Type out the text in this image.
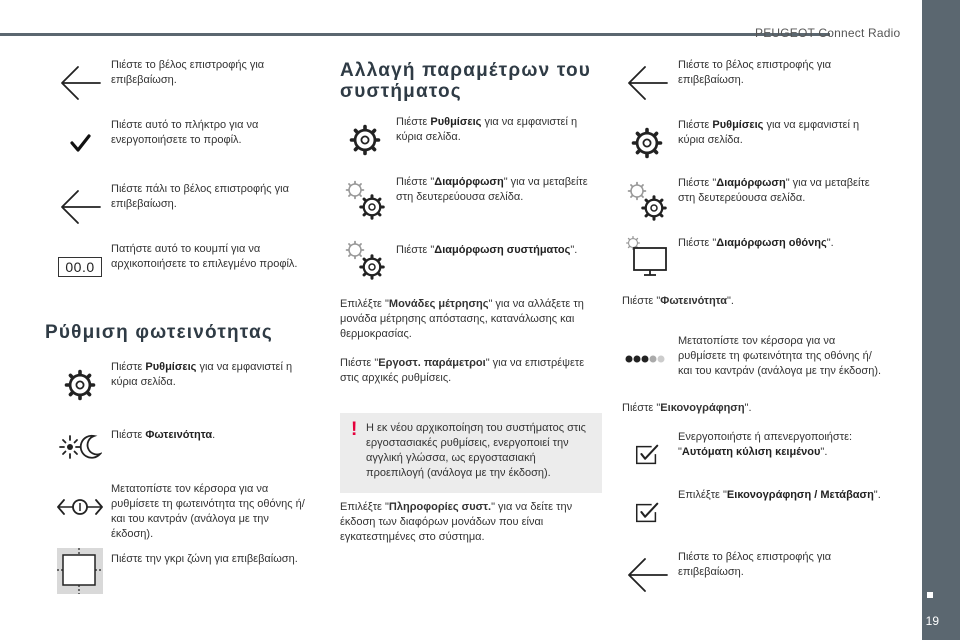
PEUGEOT Connect Radio
19
Πιέστε το βέλος επιστροφής για επιβεβαίωση.
Πιέστε αυτό το πλήκτρο για να ενεργοποιήσετε το προφίλ.
Πιέστε πάλι το βέλος επιστροφής για επιβεβαίωση.
00.0
Πατήστε αυτό το κουμπί για να αρχικοποιήσετε το επιλεγμένο προφίλ.
Ρύθμιση φωτεινότητας
Πιέστε Ρυθμίσεις για να εμφανιστεί η κύρια σελίδα.
Πιέστε Φωτεινότητα.
Μετατοπίστε τον κέρσορα για να ρυθμίσετε τη φωτεινότητα της οθόνης ή/και του καντράν (ανάλογα με την έκδοση).
Πιέστε την γκρι ζώνη για επιβεβαίωση.
Αλλαγή παραμέτρων του
συστήματος
Πιέστε Ρυθμίσεις για να εμφανιστεί η κύρια σελίδα.
Πιέστε "Διαμόρφωση" για να μεταβείτε στη δευτερεύουσα σελίδα.
Πιέστε "Διαμόρφωση συστήματος".
Επιλέξτε "Μονάδες μέτρησης" για να αλλάξετε τη μονάδα μέτρησης απόστασης, κατανάλωσης και θερμοκρασίας.
Πιέστε "Εργοστ. παράμετροι" για να επιστρέψετε στις αρχικές ρυθμίσεις.
Επιλέξτε "Πληροφορίες συστ." για να δείτε την έκδοση των διαφόρων μονάδων που είναι εγκατεστημένες στο σύστημα.
! Η εκ νέου αρχικοποίηση του συστήματος στις εργοστασιακές ρυθμίσεις, ενεργοποιεί την αγγλική γλώσσα, ως εργοστασιακή προεπιλογή (ανάλογα με την έκδοση).
Πιέστε το βέλος επιστροφής για επιβεβαίωση.
Πιέστε Ρυθμίσεις για να εμφανιστεί η κύρια σελίδα.
Πιέστε "Διαμόρφωση" για να μεταβείτε στη δευτερεύουσα σελίδα.
Πιέστε "Διαμόρφωση οθόνης".
Πιέστε "Φωτεινότητα".
Μετατοπίστε τον κέρσορα για να ρυθμίσετε τη φωτεινότητα της οθόνης ή/και του καντράν (ανάλογα με την έκδοση).
Πιέστε "Εικονογράφηση".
Ενεργοποιήστε ή απενεργοποιήστε: "Αυτόματη κύλιση κειμένου".
Επιλέξτε "Εικονογράφηση / Μετάβαση".
Πιέστε το βέλος επιστροφής για επιβεβαίωση.
